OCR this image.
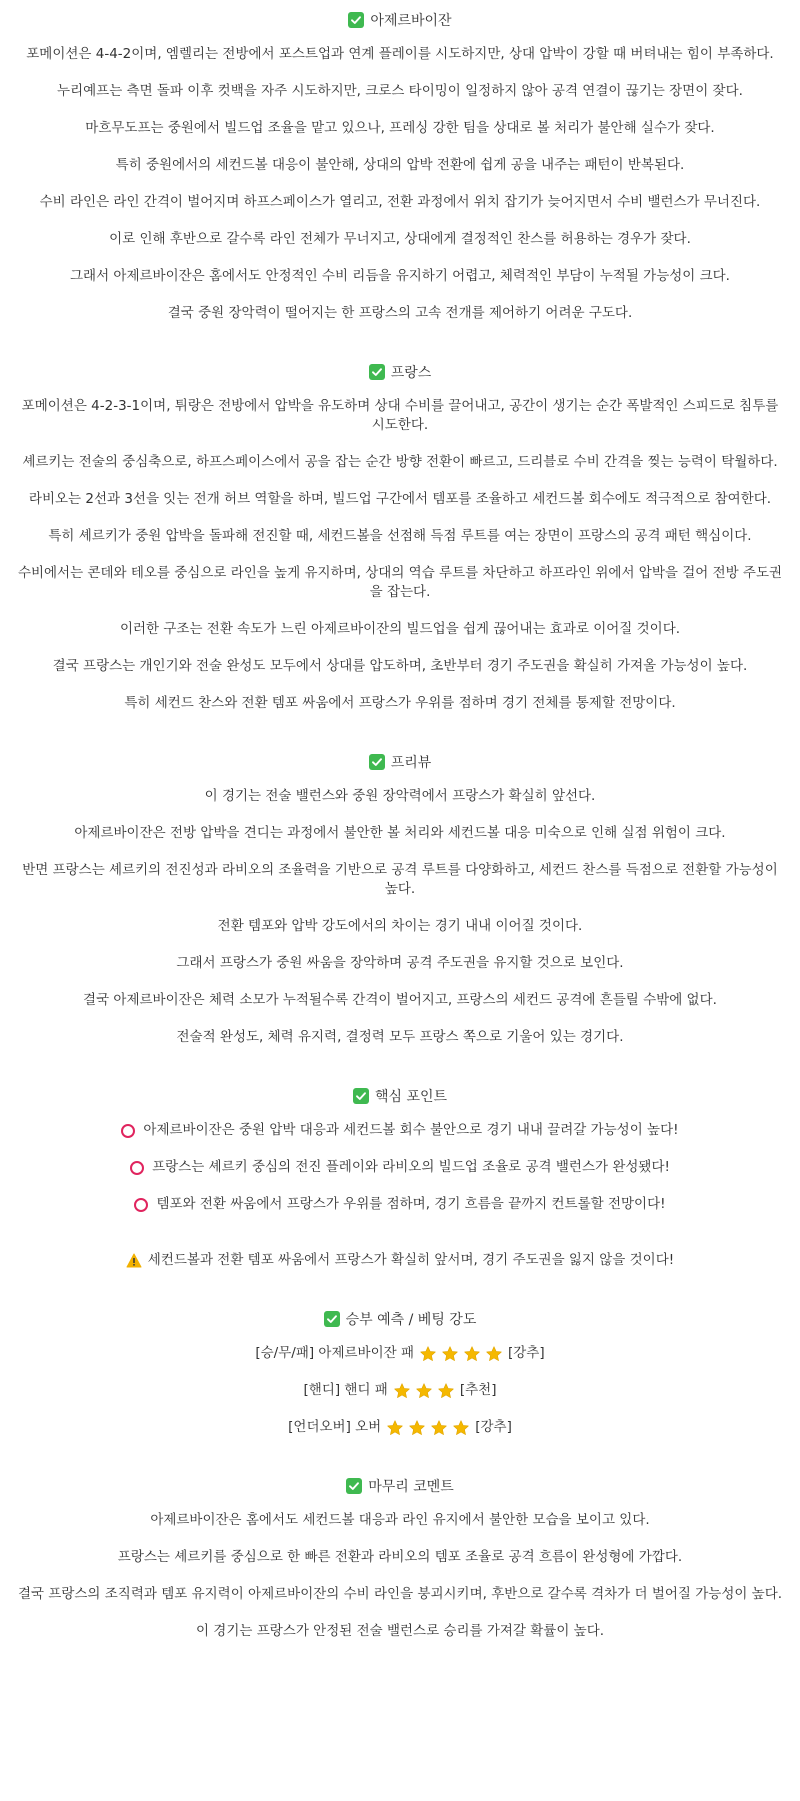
아제르바이잔

포메이션은 4-4-2이며, 엠렐리는 전방에서 포스트업과 연계 플레이를 시도하지만, 상대 압박이 강할 때 버텨내는 힘이 부족하다.

누리예프는 측면 돌파 이후 컷백을 자주 시도하지만, 크로스 타이밍이 일정하지 않아 공격 연결이 끊기는 장면이 잦다.

마흐무도프는 중원에서 빌드업 조율을 맡고 있으나, 프레싱 강한 팀을 상대로 볼 처리가 불안해 실수가 잦다.

특히 중원에서의 세컨드볼 대응이 불안해, 상대의 압박 전환에 쉽게 공을 내주는 패턴이 반복된다.

수비 라인은 라인 간격이 벌어지며 하프스페이스가 열리고, 전환 과정에서 위치 잡기가 늦어지면서 수비 밸런스가 무너진다.

이로 인해 후반으로 갈수록 라인 전체가 무너지고, 상대에게 결정적인 찬스를 허용하는 경우가 잦다.

그래서 아제르바이잔은 홈에서도 안정적인 수비 리듬을 유지하기 어렵고, 체력적인 부담이 누적될 가능성이 크다.

결국 중원 장악력이 떨어지는 한 프랑스의 고속 전개를 제어하기 어려운 구도다.

프랑스

포메이션은 4-2-3-1이며, 튀랑은 전방에서 압박을 유도하며 상대 수비를 끌어내고, 공간이 생기는 순간 폭발적인 스피드로 침투를 시도한다.

셰르키는 전술의 중심축으로, 하프스페이스에서 공을 잡는 순간 방향 전환이 빠르고, 드리블로 수비 간격을 찢는 능력이 탁월하다.

라비오는 2선과 3선을 잇는 전개 허브 역할을 하며, 빌드업 구간에서 템포를 조율하고 세컨드볼 회수에도 적극적으로 참여한다.

특히 셰르키가 중원 압박을 돌파해 전진할 때, 세컨드볼을 선점해 득점 루트를 여는 장면이 프랑스의 공격 패턴 핵심이다.

수비에서는 콘데와 테오를 중심으로 라인을 높게 유지하며, 상대의 역습 루트를 차단하고 하프라인 위에서 압박을 걸어 전방 주도권을 잡는다.

이러한 구조는 전환 속도가 느린 아제르바이잔의 빌드업을 쉽게 끊어내는 효과로 이어질 것이다.

결국 프랑스는 개인기와 전술 완성도 모두에서 상대를 압도하며, 초반부터 경기 주도권을 확실히 가져올 가능성이 높다.

특히 세컨드 찬스와 전환 템포 싸움에서 프랑스가 우위를 점하며 경기 전체를 통제할 전망이다.

프리뷰

이 경기는 전술 밸런스와 중원 장악력에서 프랑스가 확실히 앞선다.

아제르바이잔은 전방 압박을 견디는 과정에서 불안한 볼 처리와 세컨드볼 대응 미숙으로 인해 실점 위험이 크다.

반면 프랑스는 셰르키의 전진성과 라비오의 조율력을 기반으로 공격 루트를 다양화하고, 세컨드 찬스를 득점으로 전환할 가능성이 높다.

전환 템포와 압박 강도에서의 차이는 경기 내내 이어질 것이다.

그래서 프랑스가 중원 싸움을 장악하며 공격 주도권을 유지할 것으로 보인다.

결국 아제르바이잔은 체력 소모가 누적될수록 간격이 벌어지고, 프랑스의 세컨드 공격에 흔들릴 수밖에 없다.

전술적 완성도, 체력 유지력, 결정력 모두 프랑스 쪽으로 기울어 있는 경기다.

핵심 포인트
아제르바이잔은 중원 압박 대응과 세컨드볼 회수 불안으로 경기 내내 끌려갈 가능성이 높다!
프랑스는 셰르키 중심의 전진 플레이와 라비오의 빌드업 조율로 공격 밸런스가 완성됐다!
템포와 전환 싸움에서 프랑스가 우위를 점하며, 경기 흐름을 끝까지 컨트롤할 전망이다!
세컨드볼과 전환 템포 싸움에서 프랑스가 확실히 앞서며, 경기 주도권을 잃지 않을 것이다!
승부 예측 / 베팅 강도
[승/무/패] 아제르바이잔 패	[강추]
[핸디] 핸디 패	[추천]
[언더오버] 오버	[강추]
마무리 코멘트

아제르바이잔은 홈에서도 세컨드볼 대응과 라인 유지에서 불안한 모습을 보이고 있다.

프랑스는 셰르키를 중심으로 한 빠른 전환과 라비오의 템포 조율로 공격 흐름이 완성형에 가깝다.

결국 프랑스의 조직력과 템포 유지력이 아제르바이잔의 수비 라인을 붕괴시키며, 후반으로 갈수록 격차가 더 벌어질 가능성이 높다.

이 경기는 프랑스가 안정된 전술 밸런스로 승리를 가져갈 확률이 높다.
